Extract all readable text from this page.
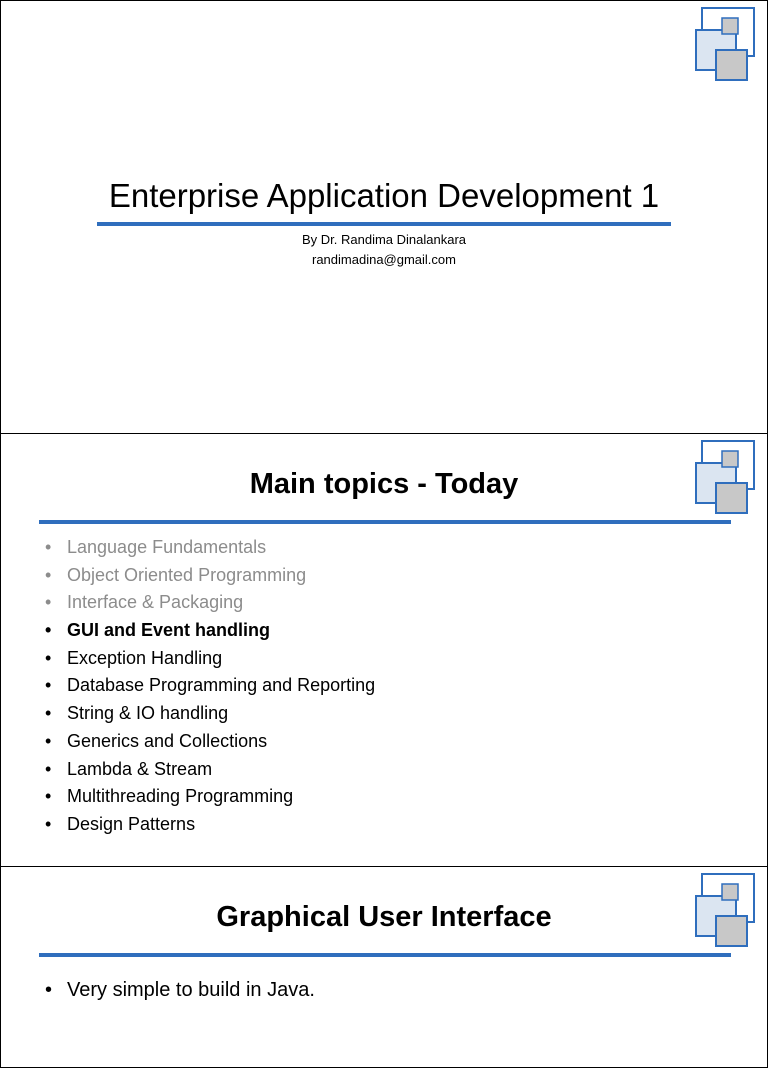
Enterprise Application Development 1
By Dr. Randima Dinalankara
randimadina@gmail.com
Main topics - Today
• Language Fundamentals
• Object Oriented Programming
• Interface & Packaging
• GUI and Event handling
• Exception Handling
• Database Programming and Reporting
• String & IO handling
• Generics and Collections
• Lambda & Stream
• Multithreading Programming
• Design Patterns
Graphical User Interface
• Very simple to build in Java.
